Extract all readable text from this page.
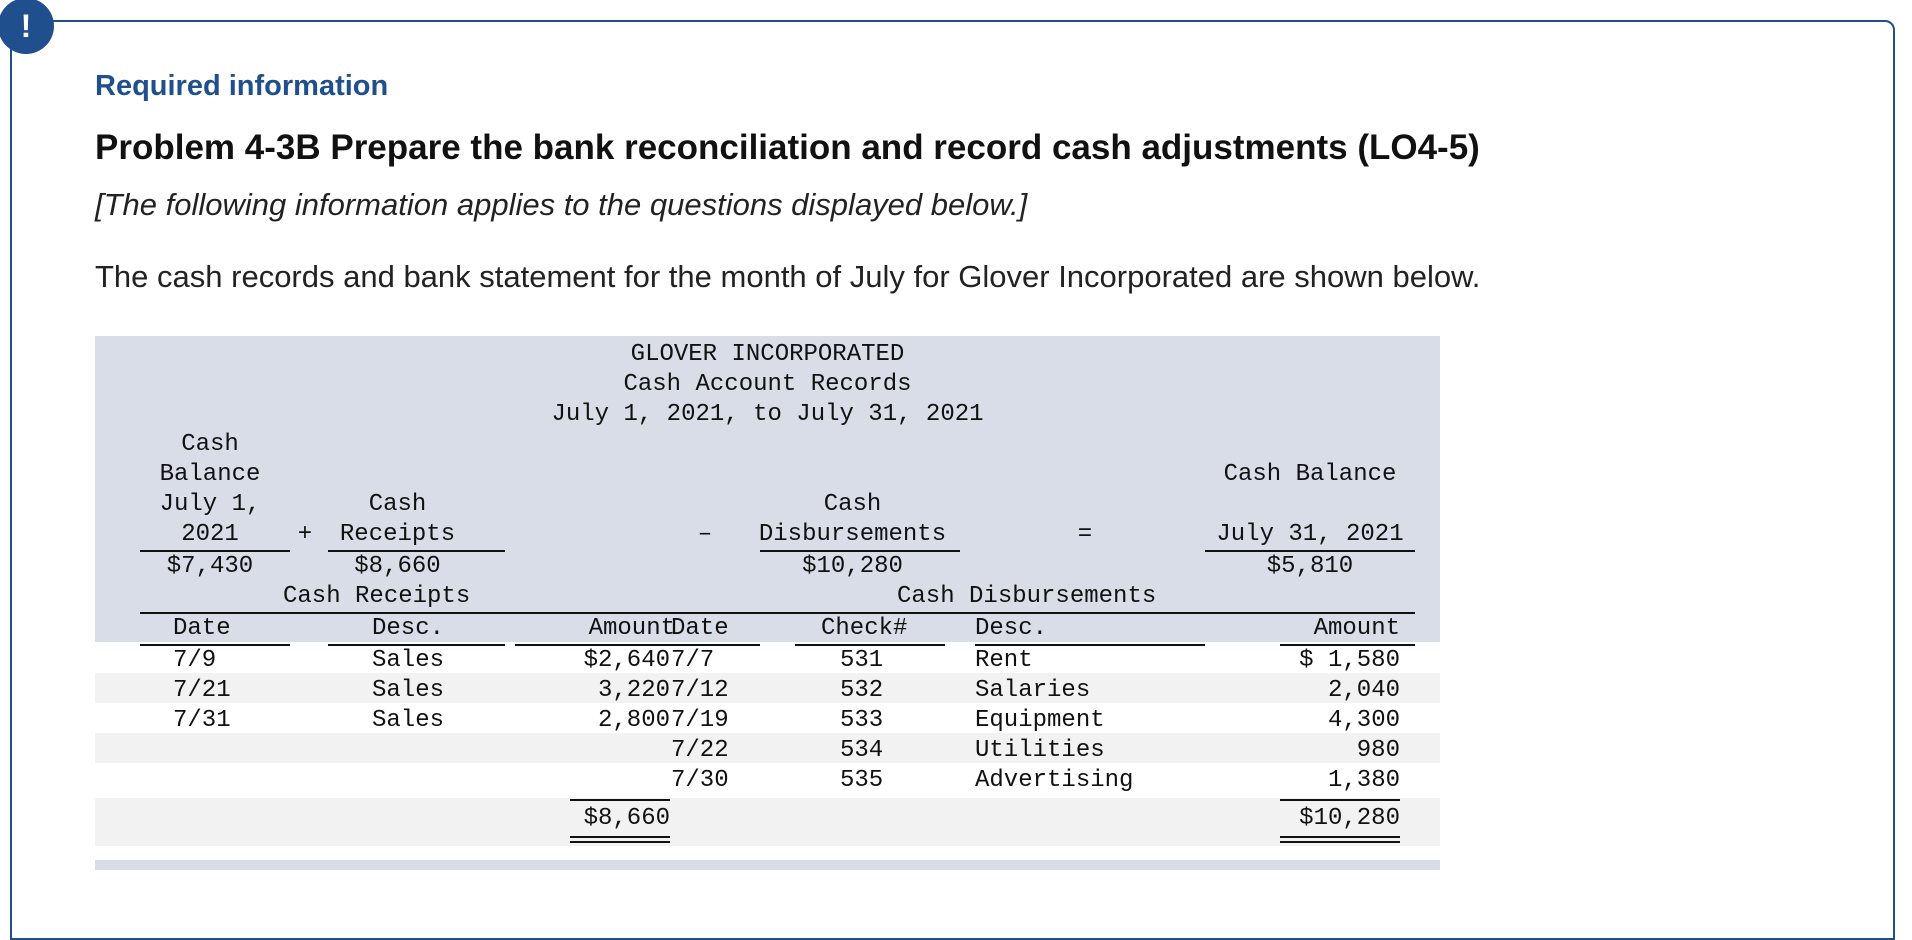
!
Required information
Problem 4-3B Prepare the bank reconciliation and record cash adjustments (LO4-5)
[The following information applies to the questions displayed below.]
The cash records and bank statement for the month of July for Glover Incorporated are shown below.
GLOVER INCORPORATED
Cash Account Records
July 1, 2021, to July 31, 2021
Cash
Balance
July 1,
2021	+
Cash
Receipts	–
Cash
Disbursements	=
Cash Balance
July 31, 2021
$7,430	$8,660	$10,280	$5,810
Cash Receipts	Cash Disbursements
Date	Desc.	Amount
Date	Check#	Desc.	Amount
7/9	Sales	$2,640
7/21	Sales	3,220
7/31	Sales	2,800
7/7	531	Rent	$ 1,580
7/12	532	Salaries	2,040
7/19	533	Equipment	4,300
7/22	534	Utilities	980
7/30	535	Advertising	1,380
$8,660	$10,280
